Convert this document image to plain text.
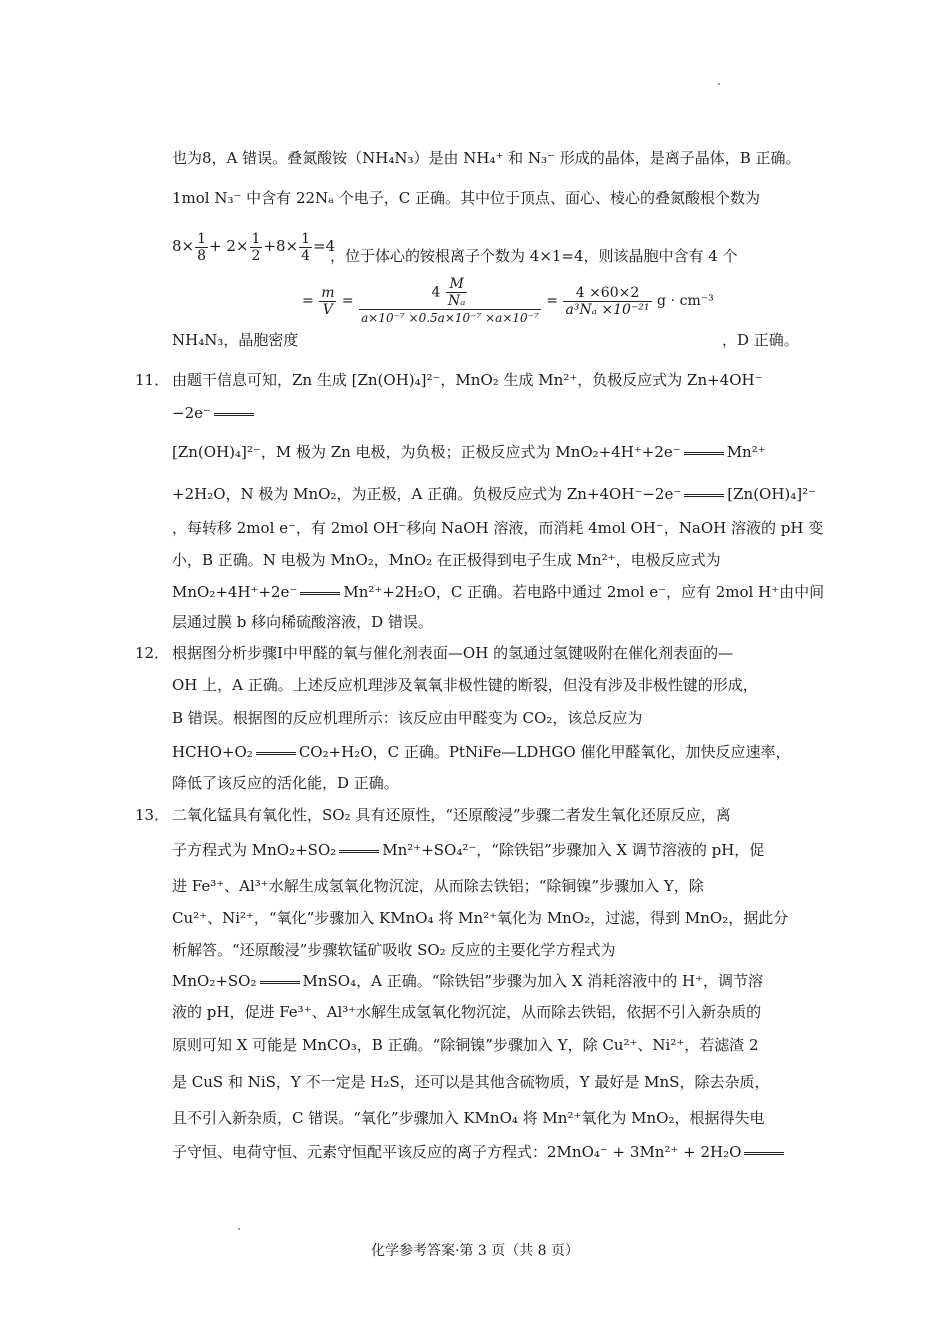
也为8，A 错误。叠氮酸铵（NH₄N₃）是由 NH₄⁺ 和 N₃⁻ 形成的晶体，是离子晶体，B 正确。
1mol N₃⁻ 中含有 22Nₐ 个电子，C 正确。其中位于顶点、面心、棱心的叠氮酸根个数为
$8\times \frac{1}{8} + 2\times \frac{1}{2} +8\times \frac{1}{4} =4$
，位于体心的铵根离子个数为 4×1=4，则该晶胞中含有 4 个
NH₄N₃，晶胞密度
= $\frac{m}{V} = \frac{4 \frac{M}{\text{Nₐ}}}{\text{a×10⁻⁷ ×0.5a×10⁻⁷ ×a×10⁻⁷}} = \frac{4 \times 60\times 2}{\text{a³Nₐ ×10⁻²¹}}$ g ⋅ cm⁻³
，D 正确。
11． 由题干信息可知，Zn 生成 [Zn(OH)₄]²⁻，MnO₂ 生成 Mn²⁺，负极反应式为 Zn+4OH⁻
−2e⁻
[Zn(OH)₄]²⁻，M 极为 Zn 电极，为负极；正极反应式为 MnO₂+4H⁺+2e⁻	Mn²⁺
+2H₂O，N 极为 MnO₂，为正极，A 正确。负极反应式为 Zn+4OH⁻−2e⁻	[Zn(OH)₄]²⁻
，每转移 2mol e⁻，有 2mol OH⁻移向 NaOH 溶液，而消耗 4mol OH⁻，NaOH 溶液的 pH 变
小，B 正确。N 电极为 MnO₂，MnO₂ 在正极得到电子生成 Mn²⁺，电极反应式为
MnO₂+4H⁺+2e⁻	Mn²⁺+2H₂O，C 正确。若电路中通过 2mol e⁻，应有 2mol H⁺由中间
层通过膜 b 移向稀硫酸溶液，D 错误。
12． 根据图分析步骤Ⅰ中甲醛的氧与催化剂表面—OH 的氢通过氢键吸附在催化剂表面的—
OH 上，A 正确。上述反应机理涉及氧氧非极性键的断裂，但没有涉及非极性键的形成，
B 错误。根据图的反应机理所示：该反应由甲醛变为 CO₂，该总反应为
HCHO+O₂	CO₂+H₂O，C 正确。PtNiFe—LDHGO 催化甲醛氧化，加快反应速率，
降低了该反应的活化能，D 正确。
13． 二氧化锰具有氧化性，SO₂ 具有还原性，“还原酸浸”步骤二者发生氧化还原反应，离
子方程式为 MnO₂+SO₂	Mn²⁺+SO₄²⁻，“除铁铝”步骤加入 X 调节溶液的 pH，促
进 Fe³⁺、Al³⁺水解生成氢氧化物沉淀，从而除去铁铝；“除铜镍”步骤加入 Y，除
Cu²⁺、Ni²⁺，“氧化”步骤加入 KMnO₄ 将 Mn²⁺氧化为 MnO₂，过滤，得到 MnO₂，据此分
析解答。“还原酸浸”步骤软锰矿吸收 SO₂ 反应的主要化学方程式为
MnO₂+SO₂	MnSO₄，A 正确。“除铁铝”步骤为加入 X 消耗溶液中的 H⁺，调节溶
液的 pH，促进 Fe³⁺、Al³⁺水解生成氢氧化物沉淀，从而除去铁铝，依据不引入新杂质的
原则可知 X 可能是 MnCO₃，B 正确。“除铜镍”步骤加入 Y，除 Cu²⁺、Ni²⁺，若滤渣 2
是 CuS 和 NiS，Y 不一定是 H₂S，还可以是其他含硫物质，Y 最好是 MnS，除去杂质，
且不引入新杂质，C 错误。“氧化”步骤加入 KMnO₄ 将 Mn²⁺氧化为 MnO₂，根据得失电
子守恒、电荷守恒、元素守恒配平该反应的离子方程式：2MnO₄⁻ + 3Mn²⁺ + 2H₂O
化学参考答案·第 3 页（共 8 页）
